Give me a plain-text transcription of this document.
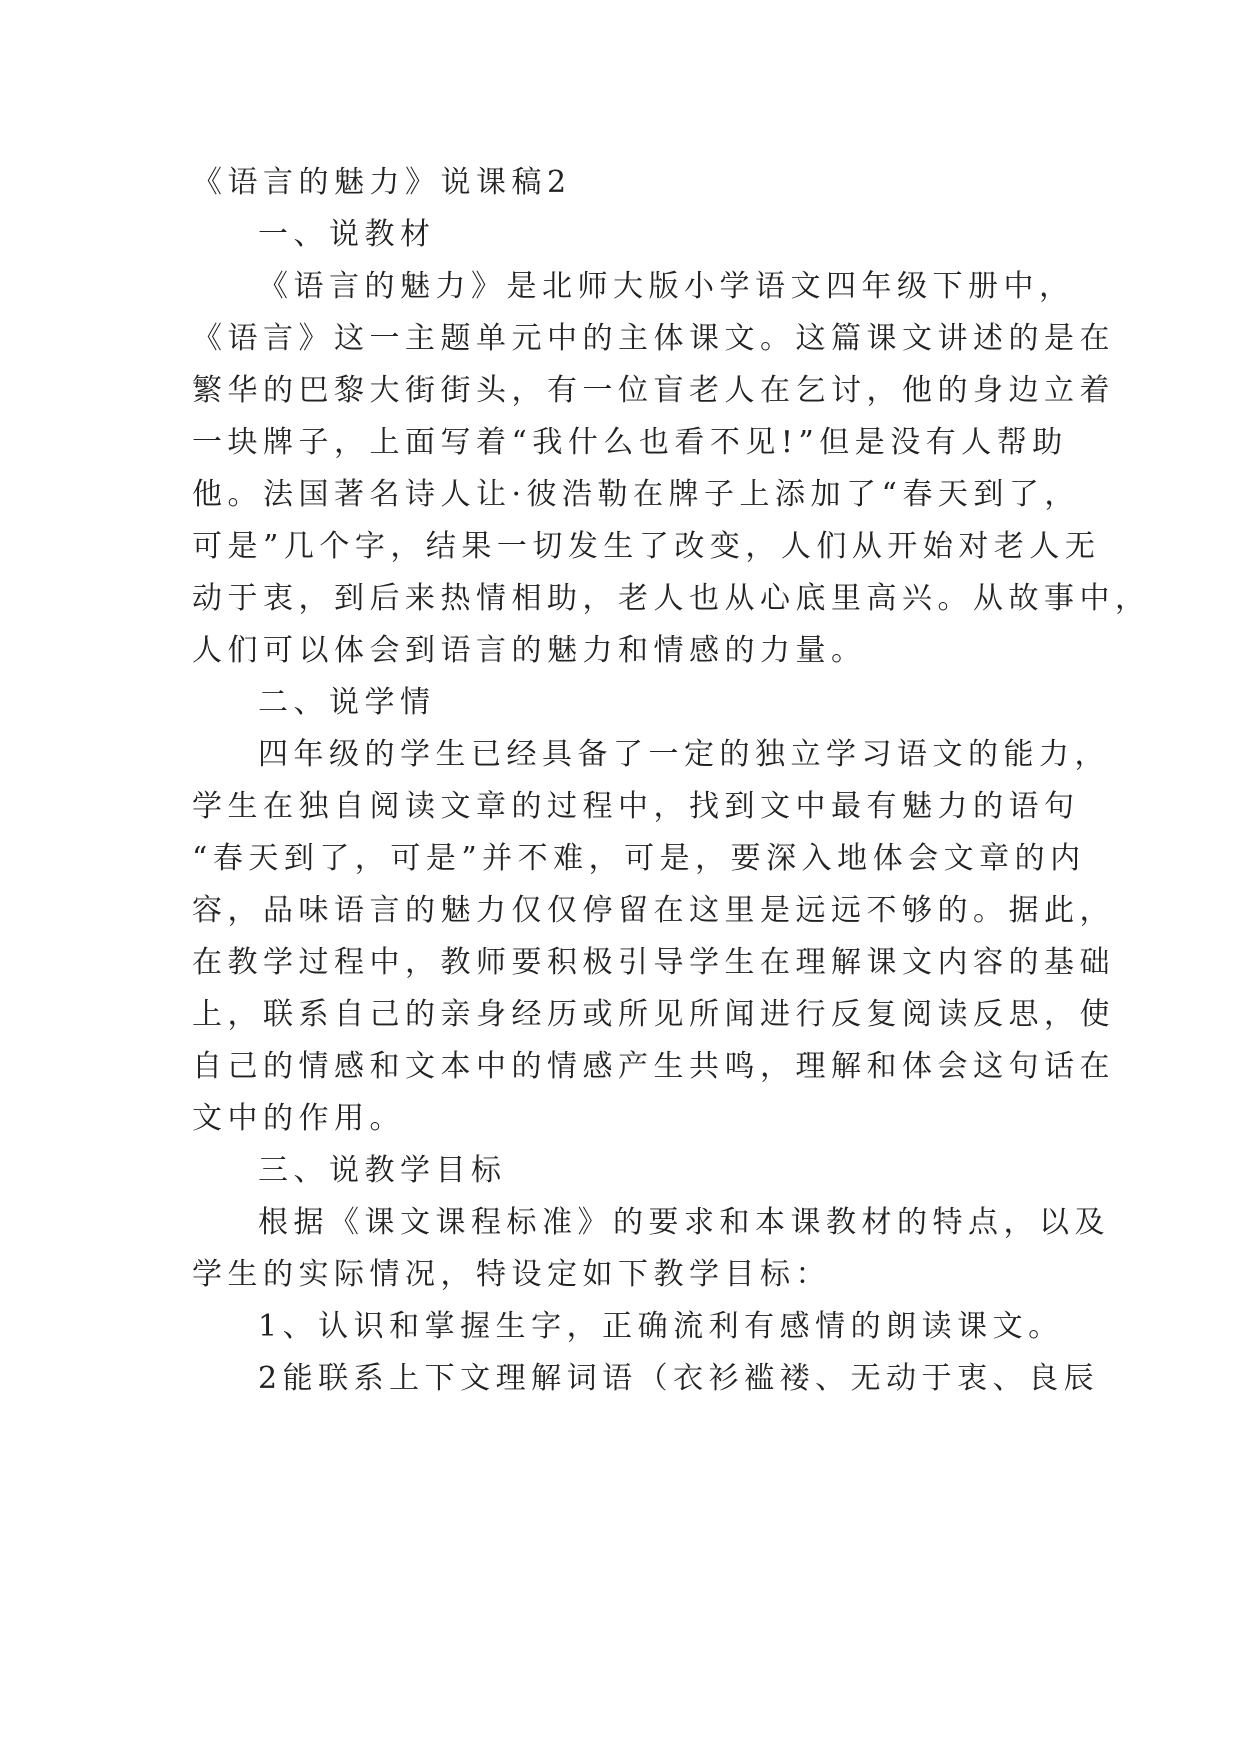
《语言的魅力》说课稿2
一、说教材
《语言的魅力》是北师大版小学语文四年级下册中，
《语言》这一主题单元中的主体课文。这篇课文讲述的是在
繁华的巴黎大街街头，有一位盲老人在乞讨，他的身边立着
一块牌子，上面写着“我什么也看不见!”但是没有人帮助
他。法国著名诗人让·彼浩勒在牌子上添加了“春天到了，
可是”几个字，结果一切发生了改变，人们从开始对老人无
动于衷，到后来热情相助，老人也从心底里高兴。从故事中，
人们可以体会到语言的魅力和情感的力量。
二、说学情
四年级的学生已经具备了一定的独立学习语文的能力，
学生在独自阅读文章的过程中，找到文中最有魅力的语句
“春天到了，可是”并不难，可是，要深入地体会文章的内
容，品味语言的魅力仅仅停留在这里是远远不够的。据此，
在教学过程中，教师要积极引导学生在理解课文内容的基础
上，联系自己的亲身经历或所见所闻进行反复阅读反思，使
自己的情感和文本中的情感产生共鸣，理解和体会这句话在
文中的作用。
三、说教学目标
根据《课文课程标准》的要求和本课教材的特点，以及
学生的实际情况，特设定如下教学目标：
1、认识和掌握生字，正确流利有感情的朗读课文。
2能联系上下文理解词语（衣衫褴褛、无动于衷、良辰
